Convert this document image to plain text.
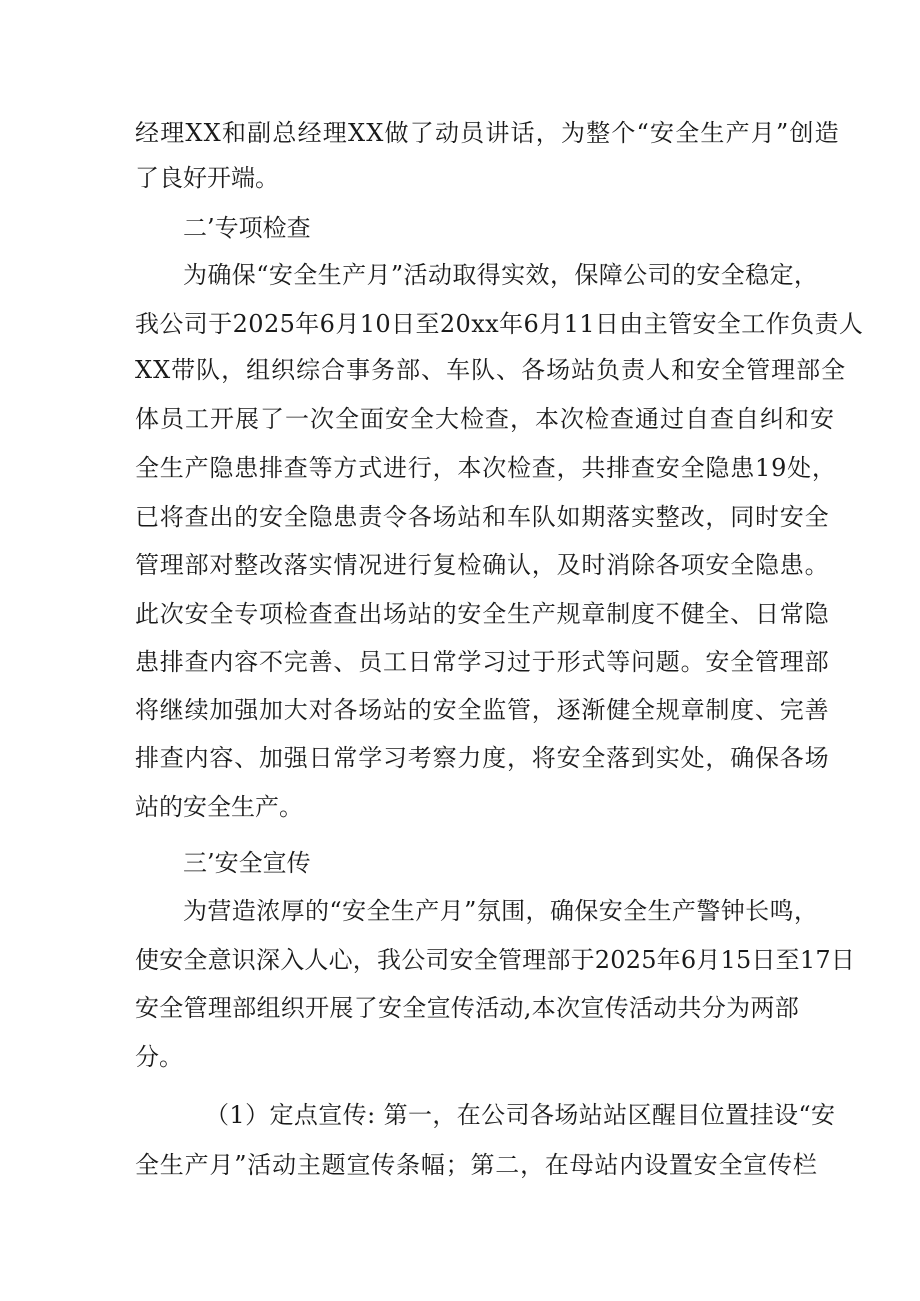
经理XX和副总经理XX做了动员讲话，为整个“安全生产月”创造
了良好开端。
二’专项检查
为确保“安全生产月”活动取得实效，保障公司的安全稳定，
我公司于2025年6月10日至20xx年6月11日由主管安全工作负责人
XX带队，组织综合事务部、车队、各场站负责人和安全管理部全
体员工开展了一次全面安全大检查，本次检查通过自查自纠和安
全生产隐患排查等方式进行，本次检查，共排查安全隐患19处，
已将查出的安全隐患责令各场站和车队如期落实整改，同时安全
管理部对整改落实情况进行复检确认，及时消除各项安全隐患。
此次安全专项检查查出场站的安全生产规章制度不健全、日常隐
患排查内容不完善、员工日常学习过于形式等问题。安全管理部
将继续加强加大对各场站的安全监管，逐渐健全规章制度、完善
排查内容、加强日常学习考察力度，将安全落到实处，确保各场
站的安全生产。
三’安全宣传
为营造浓厚的“安全生产月”氛围，确保安全生产警钟长鸣，
使安全意识深入人心，我公司安全管理部于2025年6月15日至17日
安全管理部组织开展了安全宣传活动,本次宣传活动共分为两部
分。
（1）定点宣传: 第一，在公司各场站站区醒目位置挂设“安
全生产月”活动主题宣传条幅；第二，在母站内设置安全宣传栏
